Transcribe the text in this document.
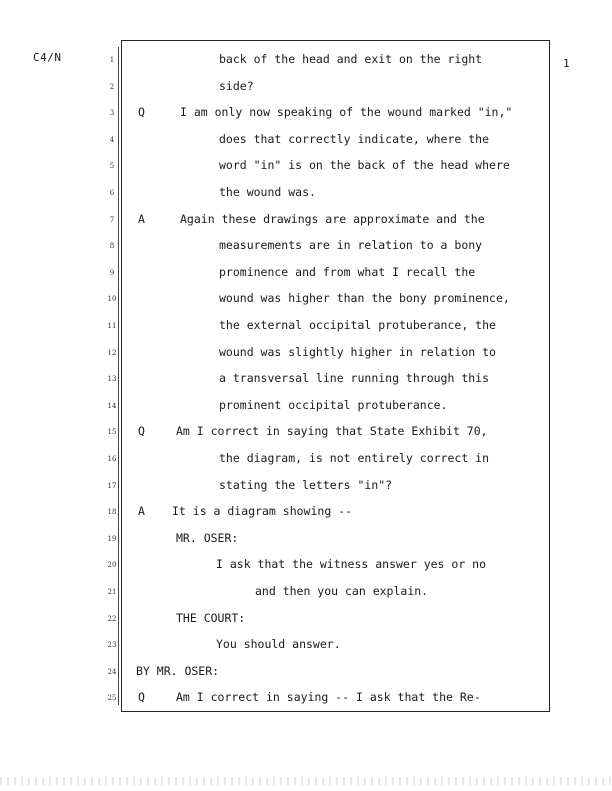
C4/N	1
1	back of the head and exit on the right
2	side?
3	Q	I am only now speaking of the wound marked "in,"
4	does that correctly indicate, where the
5	word "in" is on the back of the head where
6	the wound was.
7	A	Again these drawings are approximate and the
8	measurements are in relation to a bony
9	prominence and from what I recall the
10	wound was higher than the bony prominence,
11	the external occipital protuberance, the
12	wound was slightly higher in relation to
13	a transversal line running through this
14	prominent occipital protuberance.
15	Q	Am I correct in saying that State Exhibit 70,
16	the diagram, is not entirely correct in
17	stating the letters "in"?
18	A It is a diagram showing --
19	MR. OSER:
20	I ask that the witness answer yes or no
21	and then you can explain.
22	THE COURT:
23	You should answer.
24	BY MR. OSER:
25	Q	Am I correct in saying -- I ask that the Re-
